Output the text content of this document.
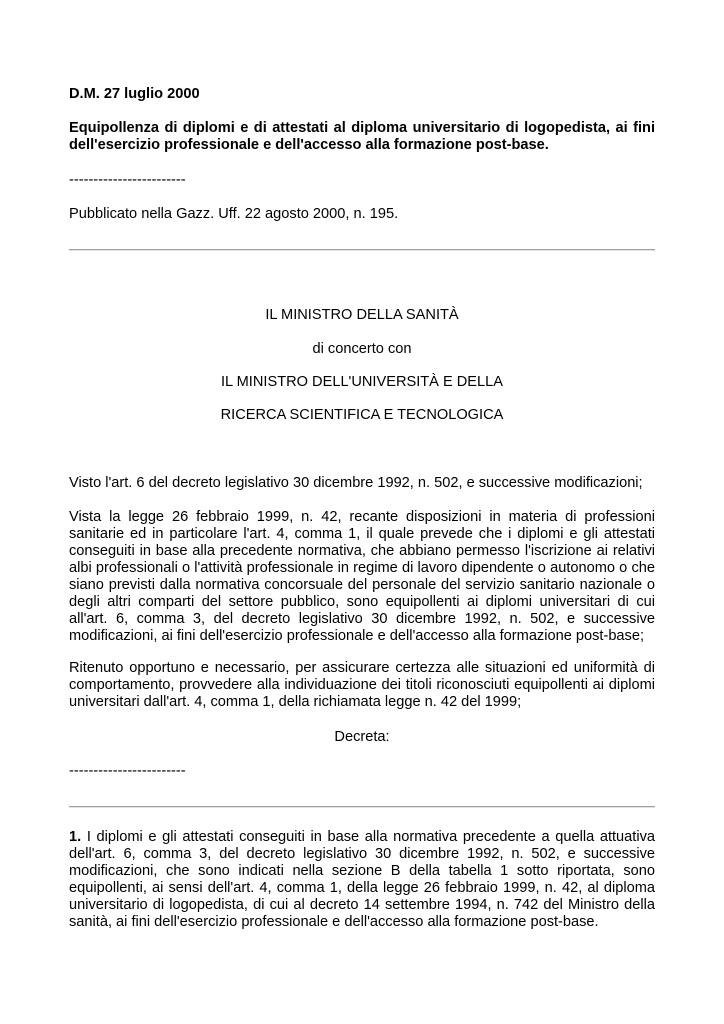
D.M. 27 luglio 2000

Equipollenza di diplomi e di attestati al diploma universitario di logopedista, ai fini dell'esercizio professionale e dell'accesso alla formazione post-base.

------------------------

Pubblicato nella Gazz. Uff. 22 agosto 2000, n. 195.

IL MINISTRO DELLA SANITÀ

di concerto con

IL MINISTRO DELL'UNIVERSITÀ E DELLA

RICERCA SCIENTIFICA E TECNOLOGICA

Visto l'art. 6 del decreto legislativo 30 dicembre 1992, n. 502, e successive modificazioni;

Vista la legge 26 febbraio 1999, n. 42, recante disposizioni in materia di professioni sanitarie ed in particolare l'art. 4, comma 1, il quale prevede che i diplomi e gli attestati conseguiti in base alla precedente normativa, che abbiano permesso l'iscrizione ai relativi albi professionali o l'attività professionale in regime di lavoro dipendente o autonomo o che siano previsti dalla normativa concorsuale del personale del servizio sanitario nazionale o degli altri comparti del settore pubblico, sono equipollenti ai diplomi universitari di cui all'art. 6, comma 3, del decreto legislativo 30 dicembre 1992, n. 502, e successive modificazioni, ai fini dell'esercizio professionale e dell'accesso alla formazione post-base;

Ritenuto opportuno e necessario, per assicurare certezza alle situazioni ed uniformità di comportamento, provvedere alla individuazione dei titoli riconosciuti equipollenti ai diplomi universitari dall'art. 4, comma 1, della richiamata legge n. 42 del 1999;

Decreta:

------------------------

1. I diplomi e gli attestati conseguiti in base alla normativa precedente a quella attuativa dell'art. 6, comma 3, del decreto legislativo 30 dicembre 1992, n. 502, e successive modificazioni, che sono indicati nella sezione B della tabella 1 sotto riportata, sono equipollenti, ai sensi dell'art. 4, comma 1, della legge 26 febbraio 1999, n. 42, al diploma universitario di logopedista, di cui al decreto 14 settembre 1994, n. 742 del Ministro della sanità, ai fini dell'esercizio professionale e dell'accesso alla formazione post-base.
